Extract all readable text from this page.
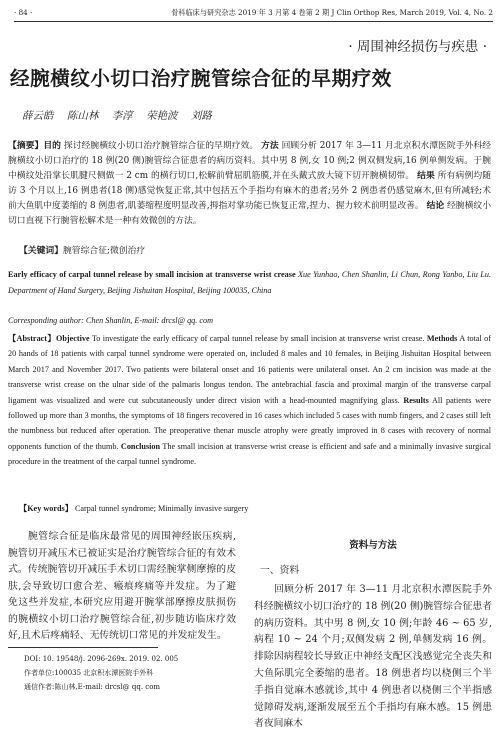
· 84 ·	骨科临床与研究杂志 2019 年 3 月第 4 卷第 2 期 J Clin Orthop Res, March 2019, Vol. 4, No. 2
· 周围神经损伤与疾患 ·
经腕横纹小切口治疗腕管综合征的早期疗效
薛云皓 陈山林 李淳 荣艳波 刘路
【摘要】目的 探讨经腕横纹小切口治疗腕管综合征的早期疗效。 方法 回顾分析 2017 年 3—11 月北京积水潭医院手外科经腕横纹小切口治疗的 18 例(20 侧)腕管综合征患者的病历资料。其中男 8 例,女 10 例;2 例双侧发病,16 例单侧发病。于腕中横纹处沿掌长肌腱尺侧做一 2 cm 的横行切口,松解前臂屈肌筋膜,并在头戴式放大镜下切开腕横韧带。 结果 所有病例均随访 3 个月以上,16 例患者(18 侧)感觉恢复正常,其中包括五个手指均有麻木的患者;另外 2 例患者仍感觉麻木,但有所减轻;术前大鱼肌中度萎缩的 8 例患者,肌萎缩程度明显改善,拇指对掌功能已恢复正常,捏力、握力较术前明显改善。 结论 经腕横纹小切口直视下行腕管松解术是一种有效微创的方法。
【关键词】腕管综合征;微创治疗
Early efficacy of carpal tunnel release by small incision at transverse wrist crease Xue Yunhao, Chen Shanlin, Li Chun, Rong Yanbo, Liu Lu. Department of Hand Surgery, Beijing Jishuitan Hospital, Beijing 100035, China
Corresponding author: Chen Shanlin, E-mail: drcsl@ qq. com
【Abstract】Objective To investigate the early efficacy of carpal tunnel release by small incision at transverse wrist crease. Methods A total of 20 hands of 18 patients with carpal tunnel syndrome were operated on, included 8 males and 10 females, in Beijing Jishuitan Hospital between March 2017 and November 2017. Two patients were bilateral onset and 16 patients were unilateral onset. An 2 cm incision was made at the transverse wrist crease on the ulnar side of the palmaris longus tendon. The antebrachial fascia and proximal margin of the transverse carpal ligament was visualized and were cut subcutaneously under direct vision with a head-mounted magnifying glass. Results All patients were followed up more than 3 months, the symptoms of 18 fingers recovered in 16 cases which included 5 cases with numb fingers, and 2 cases still left the numbness but reduced after operation. The preoperative thenar muscle atrophy were greatly improved in 8 cases with recovery of normal opponents function of the thumb. Conclusion The small incision at transverse wrist crease is efficient and safe and a minimally invasive surgical procedure in the treatment of the carpal tunnel syndrome.
【Key words】 Carpal tunnel syndrome; Minimally invasive surgery
腕管综合征是临床最常见的周围神经嵌压疾病,腕管切开减压术已被证实是治疗腕管综合征的有效术式。传统腕管切开减压手术切口需经腕掌侧摩擦的皮肤,会导致切口愈合差、瘢痕疼痛等并发症。为了避免这些并发症,本研究应用避开腕掌部摩擦皮肤损伤的腕横纹小切口治疗腕管综合征,初步随访临床疗效好,且术后疼痛轻、无传统切口常见的并发症发生。
DOI: 10. 19548/j. 2096-269x. 2019. 02. 005
作者单位:100035 北京积水潭医院手外科
通信作者:陈山林,E-mail: drcsl@ qq. com
资料与方法
一、资料
回顾分析 2017 年 3—11 月北京积水潭医院手外科经腕横纹小切口治疗的 18 例(20 侧)腕管综合征患者的病历资料。其中男 8 例,女 10 例;年龄 46 ~ 65 岁,病程 10 ~ 24 个月;双侧发病 2 例,单侧发病 16 例。排除因病程较长导致正中神经支配区浅感觉完全丧失和大鱼际肌完全萎缩的患者。18 例患者均以桡侧三个半手指自觉麻木感就诊,其中 4 例患者以桡侧三个半指感觉障碍发病,逐渐发展至五个手指均有麻木感。15 例患者夜间麻木
